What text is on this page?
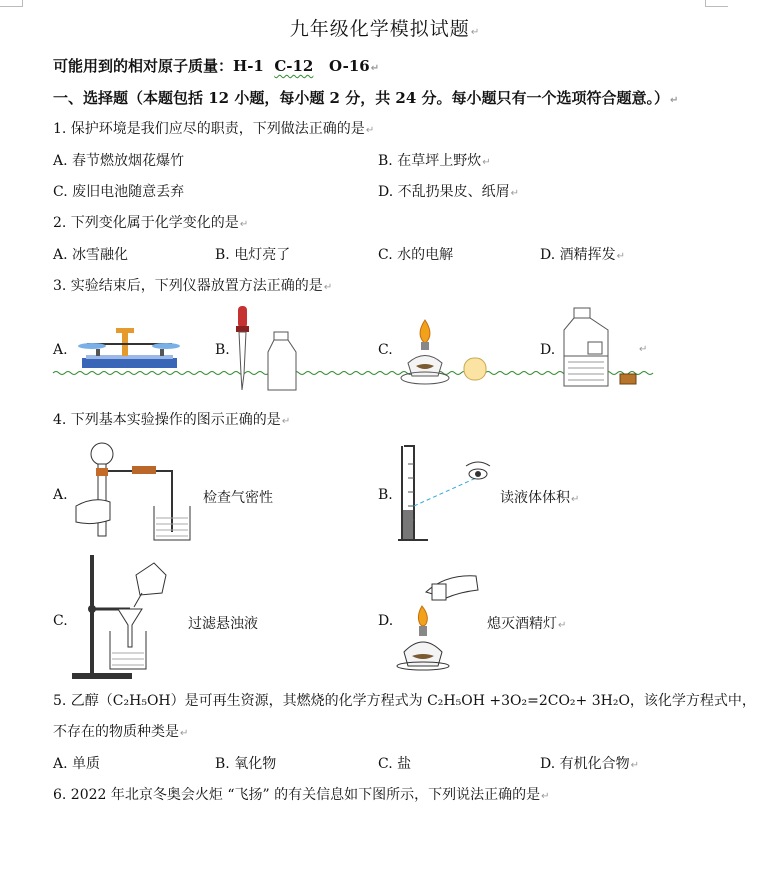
九年级化学模拟试题↵
可能用到的相对原子质量：H-1 C-12 O-16↵
一、选择题（本题包括 12 小题，每小题 2 分，共 24 分。每小题只有一个选项符合题意。）↵
1. 保护环境是我们应尽的职责，下列做法正确的是↵
A. 春节燃放烟花爆竹	B. 在草坪上野炊↵
C. 废旧电池随意丢弃	D. 不乱扔果皮、纸屑↵
2. 下列变化属于化学变化的是↵
A. 冰雪融化	B. 电灯亮了	C. 水的电解	D. 酒精挥发↵
3. 实验结束后，下列仪器放置方法正确的是↵
A.	B.	C.	D.	↵
4. 下列基本实验操作的图示正确的是↵
A.	检查气密性	B.	读液体体积↵
C.	过滤悬浊液	D.	熄灭酒精灯↵
5. 乙醇（C₂H₅OH）是可再生资源，其燃烧的化学方程式为 C₂H₅OH +3O₂=2CO₂+ 3H₂O，该化学方程式中，
不存在的物质种类是↵
A. 单质	B. 氧化物	C. 盐	D. 有机化合物↵
6. 2022 年北京冬奥会火炬 “飞扬” 的有关信息如下图所示，下列说法正确的是↵
